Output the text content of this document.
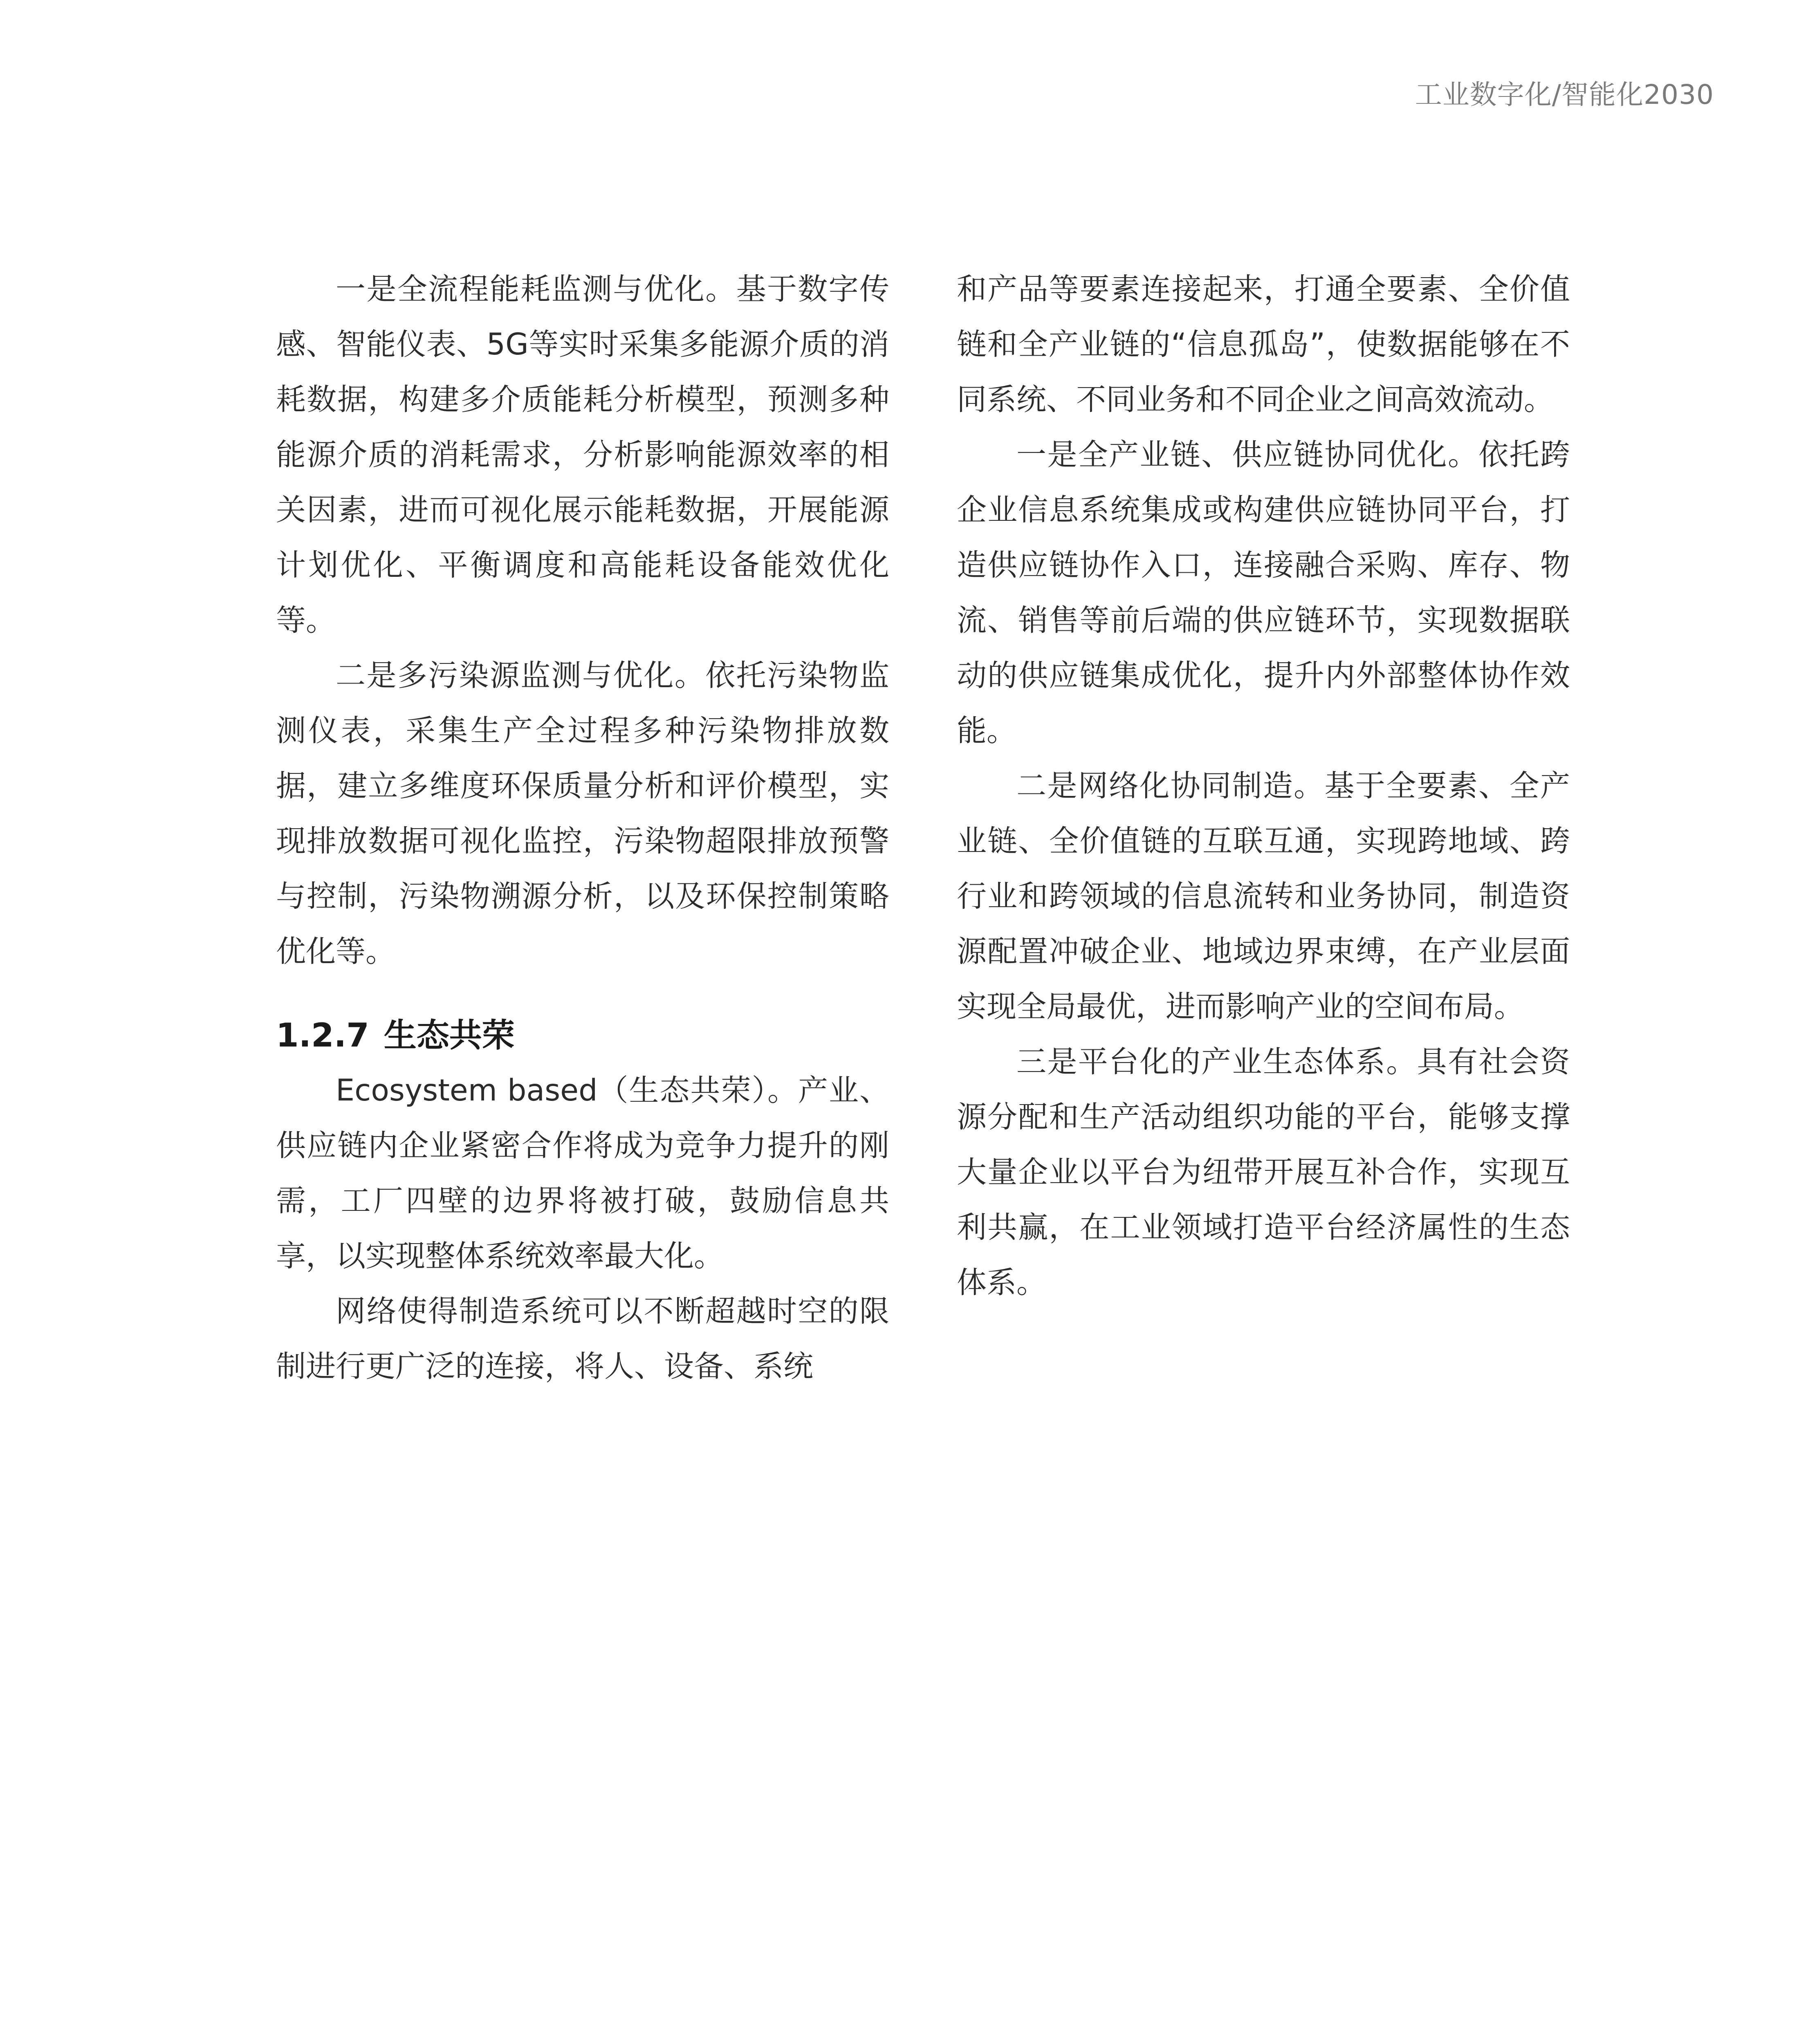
工业数字化/智能化2030

一是全流程能耗监测与优化。基于数字传感、智能仪表、5G等实时采集多能源介质的消耗数据，构建多介质能耗分析模型，预测多种能源介质的消耗需求，分析影响能源效率的相关因素，进而可视化展示能耗数据，开展能源计划优化、平衡调度和高能耗设备能效优化等。

二是多污染源监测与优化。依托污染物监测仪表，采集生产全过程多种污染物排放数据，建立多维度环保质量分析和评价模型，实现排放数据可视化监控，污染物超限排放预警与控制，污染物溯源分析，以及环保控制策略优化等。

1.2.7 生态共荣

Ecosystem based（生态共荣）。产业、供应链内企业紧密合作将成为竞争力提升的刚需，工厂四壁的边界将被打破，鼓励信息共享，以实现整体系统效率最大化。

网络使得制造系统可以不断超越时空的限制进行更广泛的连接，将人、设备、系统

和产品等要素连接起来，打通全要素、全价值链和全产业链的“信息孤岛”，使数据能够在不同系统、不同业务和不同企业之间高效流动。

一是全产业链、供应链协同优化。依托跨企业信息系统集成或构建供应链协同平台，打造供应链协作入口，连接融合采购、库存、物流、销售等前后端的供应链环节，实现数据联动的供应链集成优化，提升内外部整体协作效能。

二是网络化协同制造。基于全要素、全产业链、全价值链的互联互通，实现跨地域、跨行业和跨领域的信息流转和业务协同，制造资源配置冲破企业、地域边界束缚，在产业层面实现全局最优，进而影响产业的空间布局。

三是平台化的产业生态体系。具有社会资源分配和生产活动组织功能的平台，能够支撑大量企业以平台为纽带开展互补合作，实现互利共赢，在工业领域打造平台经济属性的生态体系。
